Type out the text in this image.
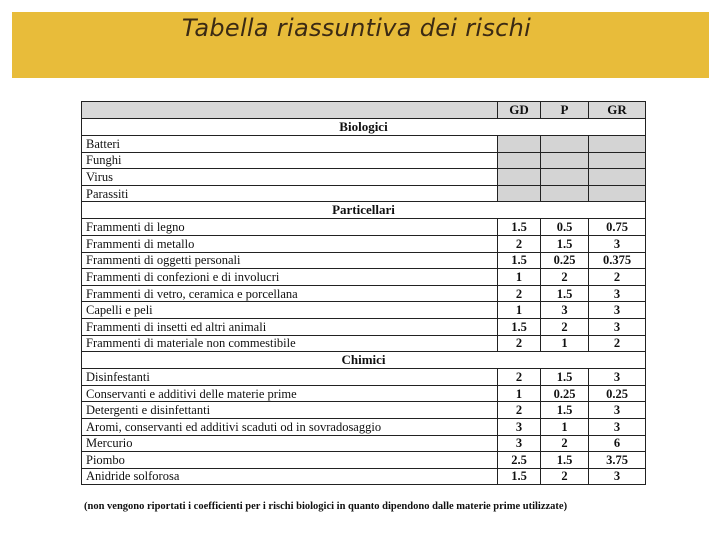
Tabella riassuntiva dei rischi
	GD	P	GR
Biologici			
Batteri			
Funghi			
Virus			
Parassiti			
Particellari			
Frammenti di legno	1.5	0.5	0.75
Frammenti di metallo	2	1.5	3
Frammenti di oggetti personali	1.5	0.25	0.375
Frammenti di confezioni e di involucri	1	2	2
Frammenti di vetro, ceramica e porcellana	2	1.5	3
Capelli e peli	1	3	3
Frammenti di insetti ed altri animali	1.5	2	3
Frammenti di materiale non commestibile	2	1	2
Chimici			
Disinfestanti	2	1.5	3
Conservanti e additivi delle materie prime	1	0.25	0.25
Detergenti e disinfettanti	2	1.5	3
Aromi, conservanti ed additivi scaduti od in sovradosaggio	3	1	3
Mercurio	3	2	6
Piombo	2.5	1.5	3.75
Anidride solforosa	1.5	2	3
(non vengono riportati i coefficienti per i rischi biologici in quanto dipendono dalle materie prime utilizzate)
